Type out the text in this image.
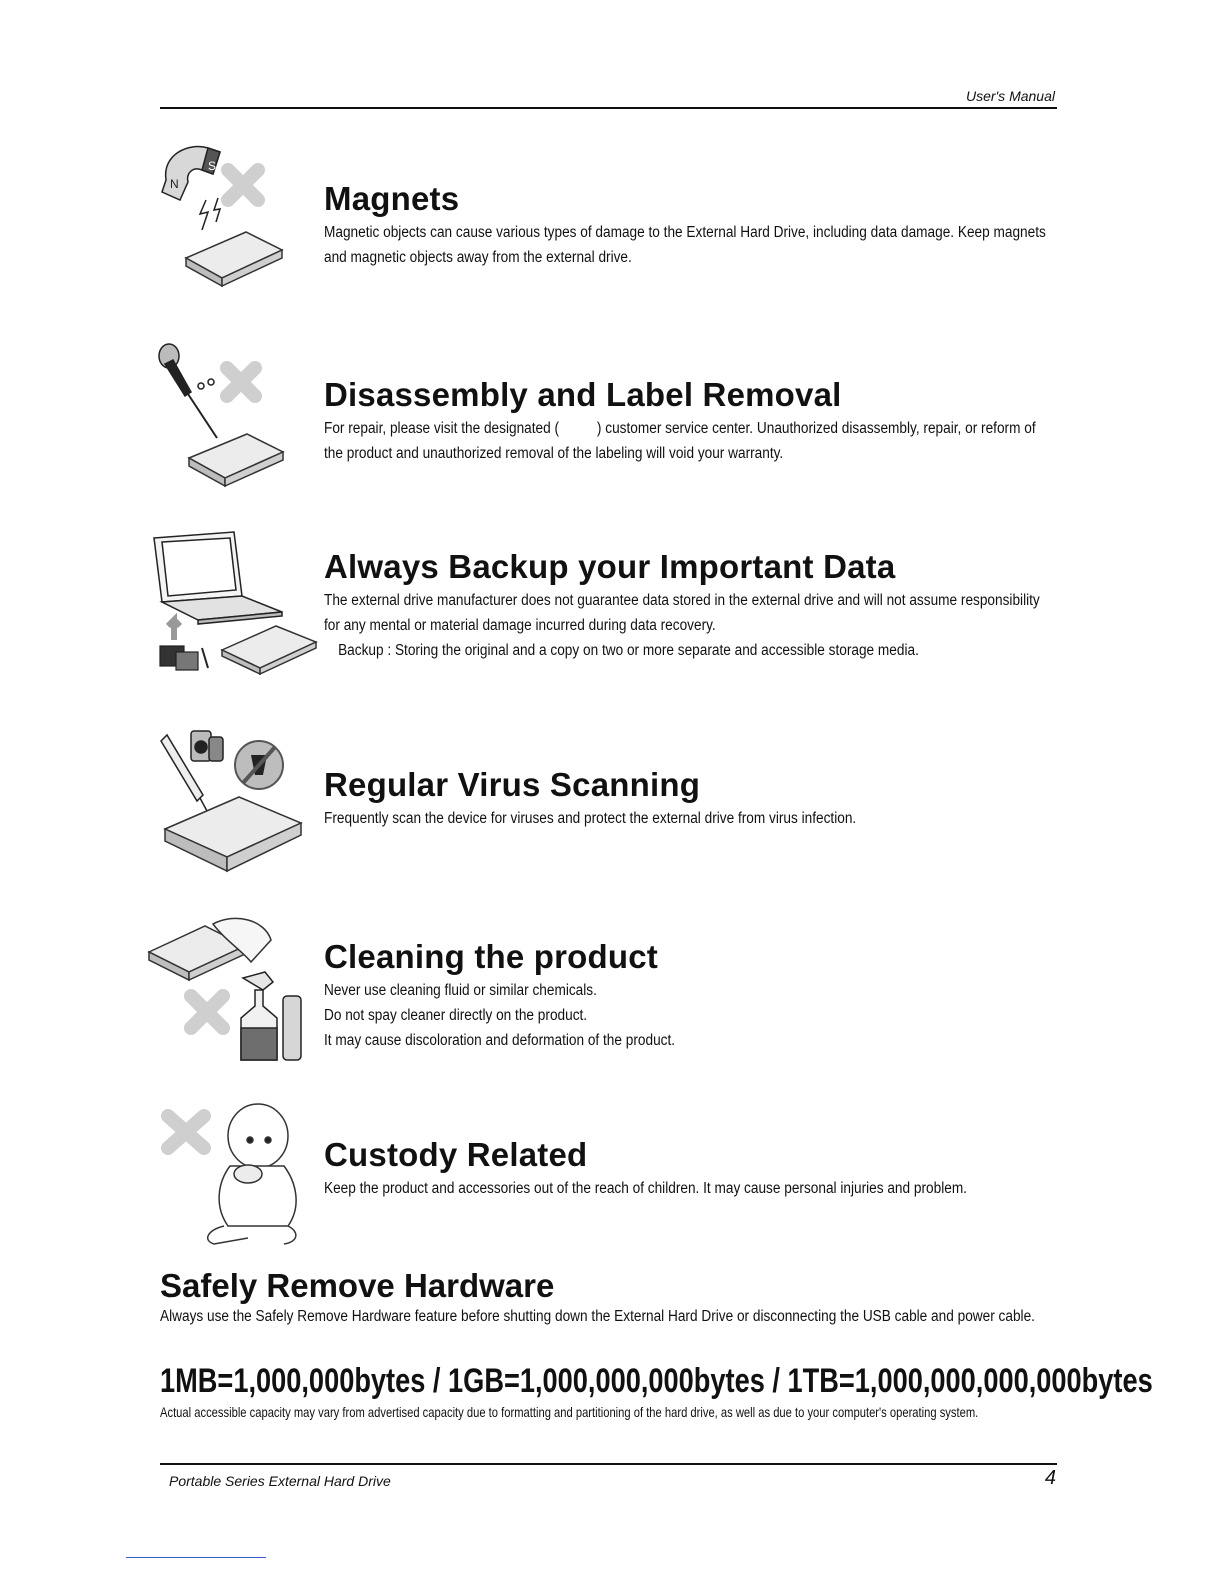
User's Manual
N
S
Magnets

Magnetic objects can cause various types of damage to the External Hard Drive, including data damage. Keep magnets

and magnetic objects away from the external drive.

Disassembly and Label Removal

For repair, please visit the designated (          ) customer service center. Unauthorized disassembly, repair, or reform of

the product and unauthorized removal of the labeling will void your warranty.

Always Backup your Important Data

The external drive manufacturer does not guarantee data stored in the external drive and will not assume responsibility

for any mental or material damage incurred during data recovery.

Backup : Storing the original and a copy on two or more separate and accessible storage media.

Regular Virus Scanning

Frequently scan the device for viruses and protect the external drive from virus infection.

Cleaning the product

Never use cleaning fluid or similar chemicals.

Do not spay cleaner directly on the product.

It may cause discoloration and deformation of the product.

Custody Related

Keep the product and accessories out of the reach of children. It may cause personal injuries and problem.

Safely Remove Hardware
Always use the Safely Remove Hardware feature before shutting down the External Hard Drive or disconnecting the USB cable and power cable.
1MB=1,000,000bytes / 1GB=1,000,000,000bytes / 1TB=1,000,000,000,000bytes
Actual accessible capacity may vary from advertised capacity due to formatting and partitioning of the hard drive, as well as due to your computer's operating system.
Portable Series External Hard Drive	4
